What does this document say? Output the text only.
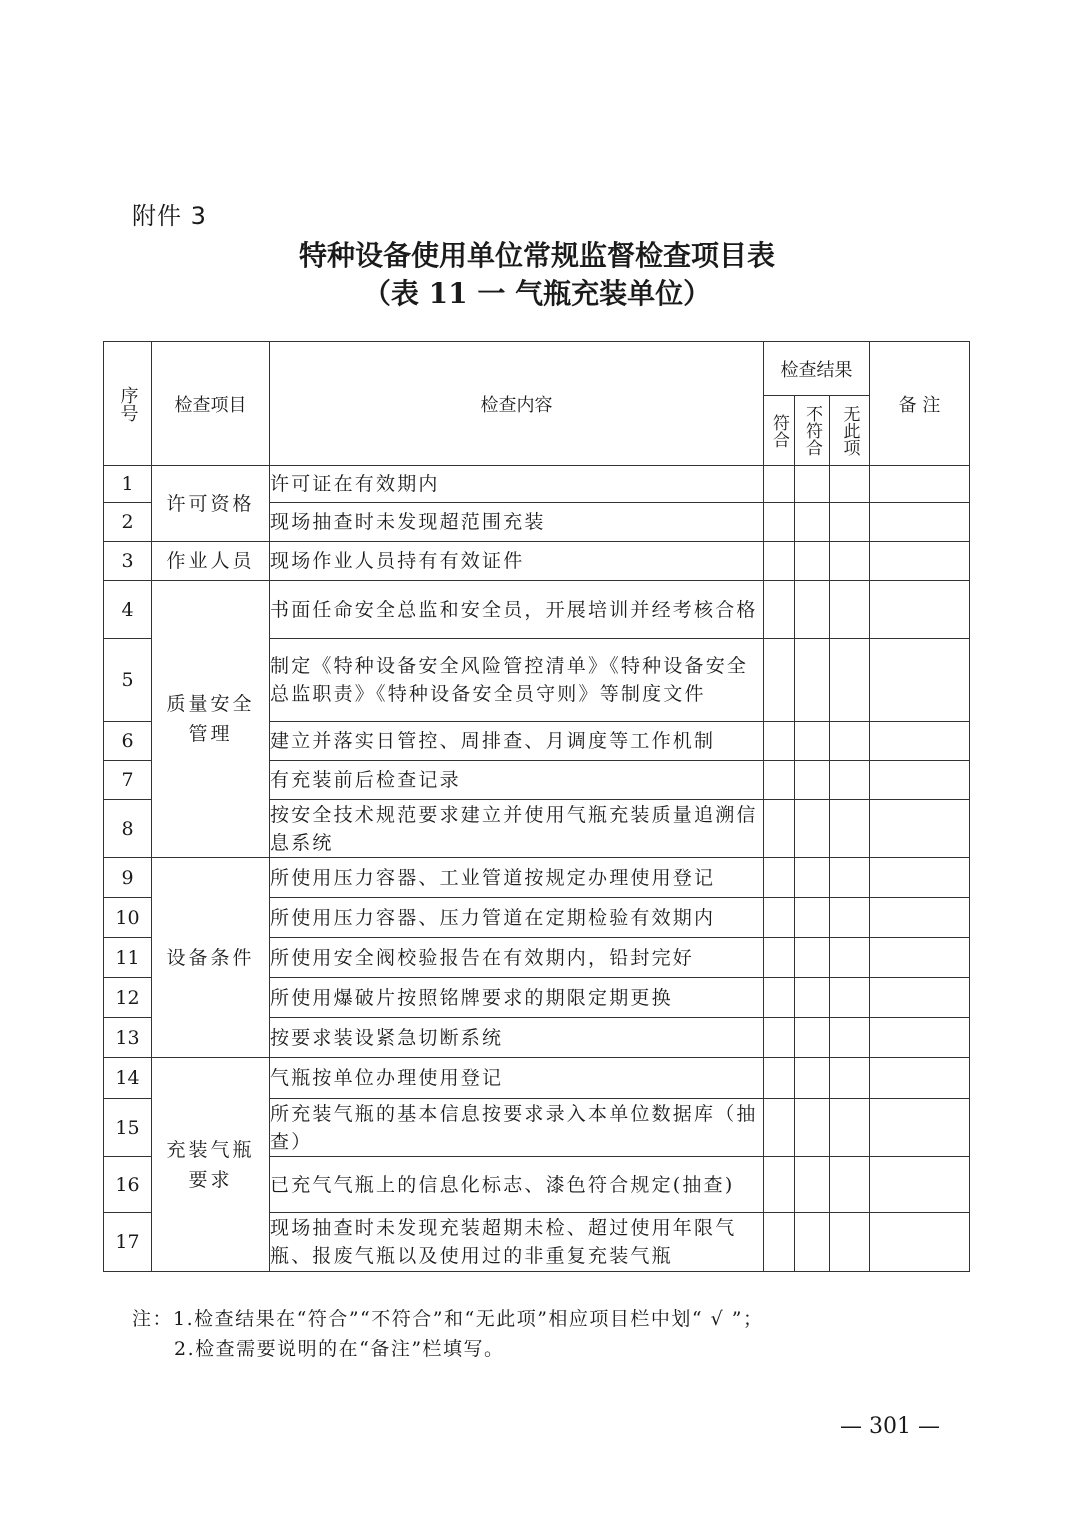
附件 3
特种设备使用单位常规监督检查项目表
（表 11 一 气瓶充装单位）
序号	检查项目	检查内容	检查结果			备 注

			符合	不符合	无此项	

1	许可资格	许可证在有效期内				
2		现场抽查时未发现超范围充装				
3	作业人员	现场作业人员持有有效证件				
4	质量安全管理	书面任命安全总监和安全员，开展培训并经考核合格				
5		制定《特种设备安全风险管控清单》《特种设备安全总监职责》《特种设备安全员守则》等制度文件				
6		建立并落实日管控、周排查、月调度等工作机制				
7		有充装前后检查记录				
8		按安全技术规范要求建立并使用气瓶充装质量追溯信息系统				
9	设备条件	所使用压力容器、工业管道按规定办理使用登记				
10		所使用压力容器、压力管道在定期检验有效期内				
11		所使用安全阀校验报告在有效期内，铅封完好				
12		所使用爆破片按照铭牌要求的期限定期更换				
13		按要求装设紧急切断系统				
14	充装气瓶要求	气瓶按单位办理使用登记				
15		所充装气瓶的基本信息按要求录入本单位数据库（抽查）				
16		已充气气瓶上的信息化标志、漆色符合规定(抽查)				
17		现场抽查时未发现充装超期未检、超过使用年限气瓶、报废气瓶以及使用过的非重复充装气瓶				
注：1.检查结果在“符合”“不符合”和“无此项”相应项目栏中划“ √ ”；
2.检查需要说明的在“备注”栏填写。
— 301 —
